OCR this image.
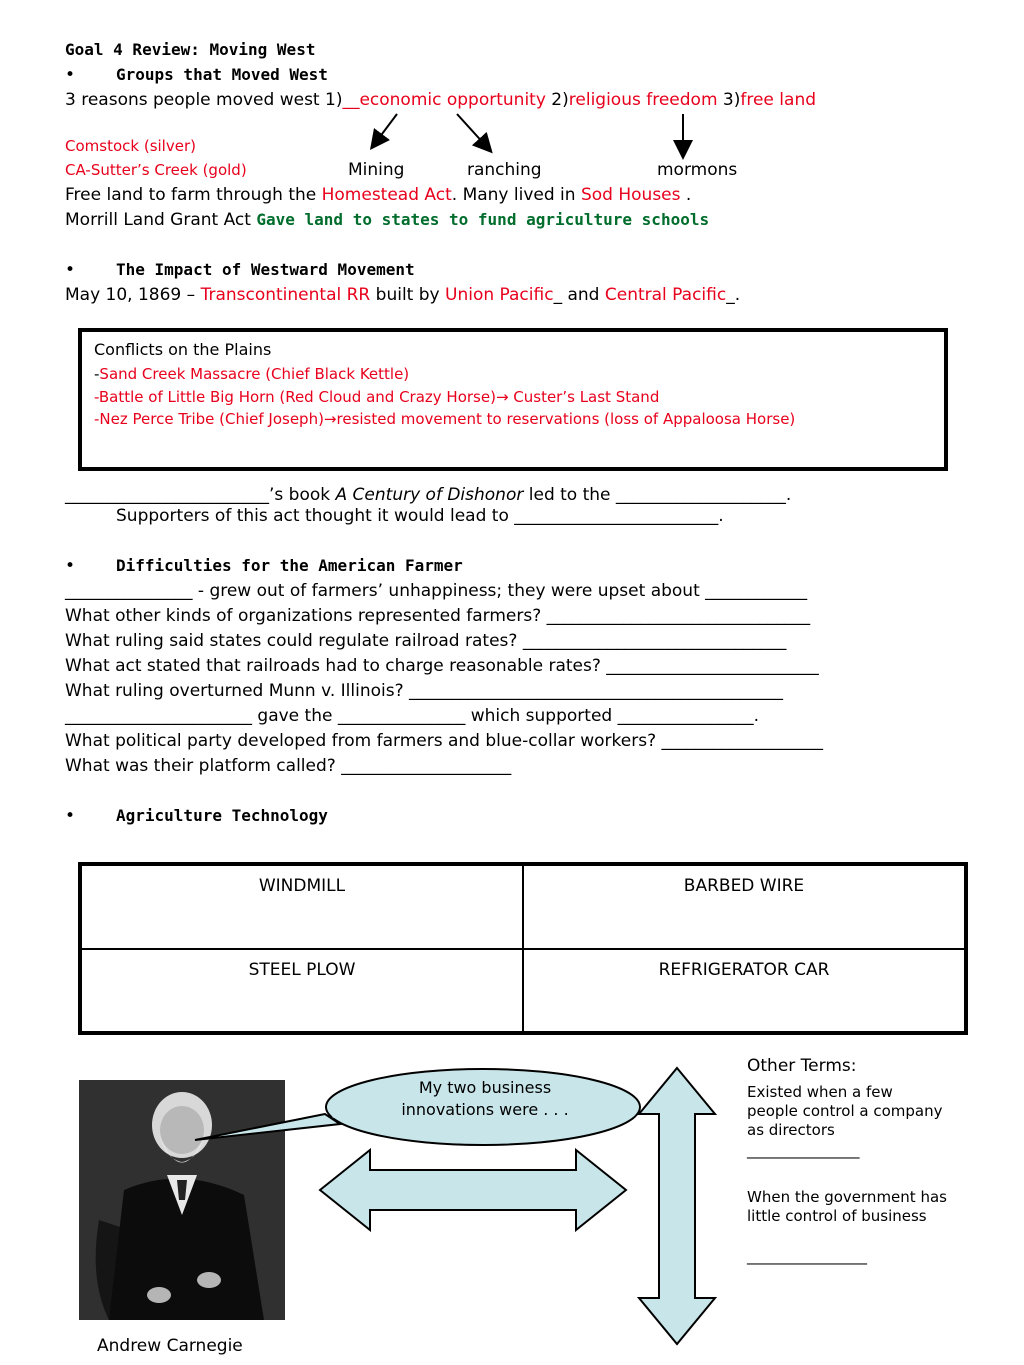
Goal 4 Review: Moving West
•	Groups that Moved West
3 reasons people moved west 1)__economic opportunity 2)religious freedom 3)free land
Comstock (silver)
CA-Sutter’s Creek (gold)	Mining	ranching	mormons
Free land to farm through the Homestead Act. Many lived in Sod Houses .
Morrill Land Grant Act Gave land to states to fund agriculture schools
•	The Impact of Westward Movement
May 10, 1869 – Transcontinental RR built by Union Pacific_ and Central Pacific_.
Conflicts on the Plains
-Sand Creek Massacre (Chief Black Kettle)
-Battle of Little Big Horn (Red Cloud and Crazy Horse)→ Custer’s Last Stand
-Nez Perce Tribe (Chief Joseph)→resisted movement to reservations (loss of Appaloosa Horse)
________________________’s book A Century of Dishonor led to the ____________________.
Supporters of this act thought it would lead to ________________________.
•	Difficulties for the American Farmer
_______________ - grew out of farmers’ unhappiness; they were upset about ____________
What other kinds of organizations represented farmers? _______________________________
What ruling said states could regulate railroad rates? _______________________________
What act stated that railroads had to charge reasonable rates? _________________________
What ruling overturned Munn v. Illinois? ____________________________________________
______________________ gave the _______________ which supported ________________.
What political party developed from farmers and blue-collar workers? ___________________
What was their platform called? ____________________
•	Agriculture Technology
WINDMILL	BARBED WIRE
STEEL PLOW	REFRIGERATOR CAR
Andrew Carnegie
My two business innovations were . . .
Other Terms:
Existed when a few people control a company as directors
_______________
When the government has little control of business
________________
